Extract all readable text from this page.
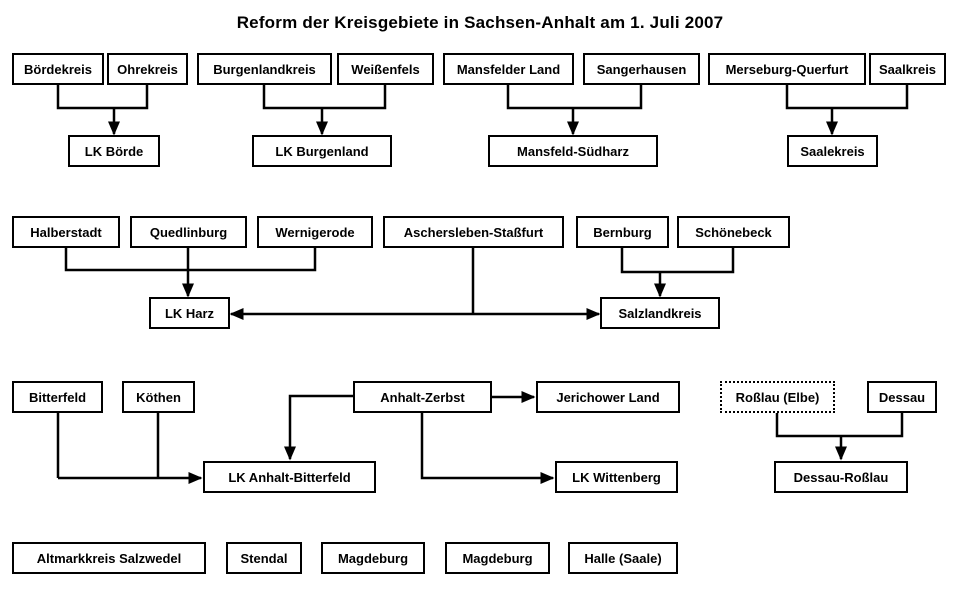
Reform der Kreisgebiete in Sachsen-Anhalt am 1. Juli 2007
Bördekreis	Ohrekreis	Burgenlandkreis	Weißenfels	Mansfelder Land	Sangerhausen	Merseburg-Querfurt	Saalkreis
LK Börde	LK Burgenland	Mansfeld-Südharz	Saalekreis
Halberstadt	Quedlinburg	Wernigerode	Aschersleben-Staßfurt	Bernburg	Schönebeck
LK Harz	Salzlandkreis
Bitterfeld	Köthen	Anhalt-Zerbst	Jerichower Land	Roßlau (Elbe)	Dessau
LK Anhalt-Bitterfeld	LK Wittenberg	Dessau-Roßlau
Altmarkkreis Salzwedel	Stendal	Magdeburg	Magdeburg	Halle (Saale)
